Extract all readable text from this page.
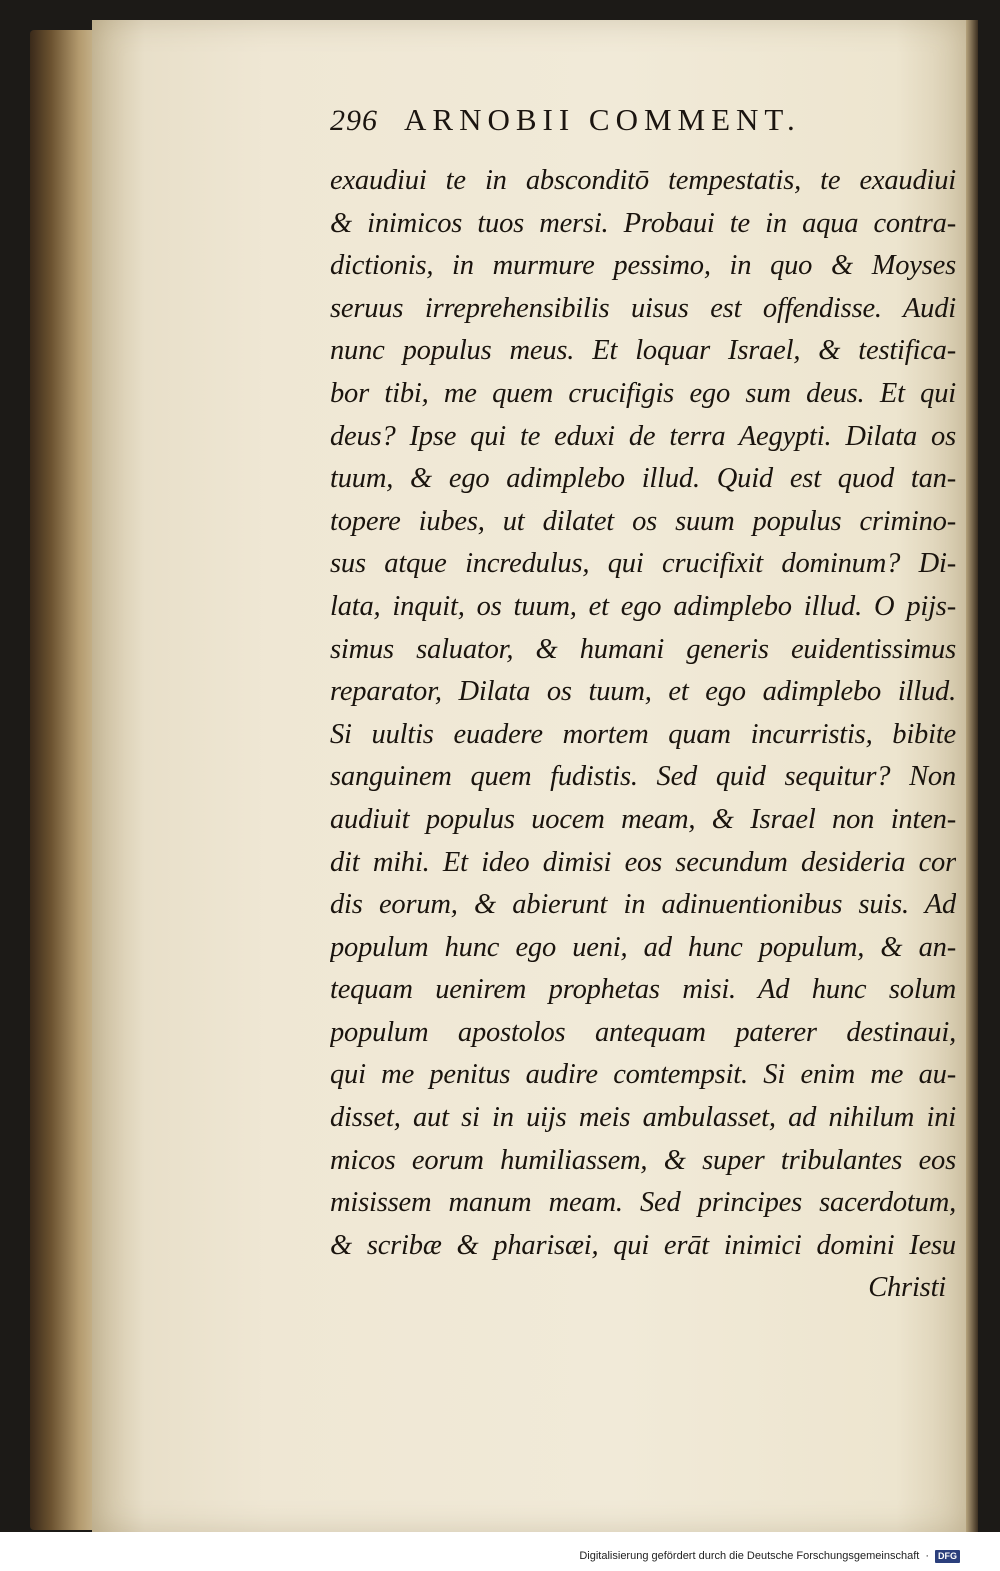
296 ARNOBII COMMENT.
exaudiui te in absconditō tempestatis, te exaudiui
& inimicos tuos mersi. Probaui te in aqua contra-
dictionis, in murmure pessimo, in quo & Moyses
seruus irreprehensibilis uisus est offendisse. Audi
nunc populus meus. Et loquar Israel, & testifica-
bor tibi, me quem crucifigis ego sum deus. Et qui
deus? Ipse qui te eduxi de terra Aegypti. Dilata os
tuum, & ego adimplebo illud. Quid est quod tan-
topere iubes, ut dilatet os suum populus crimino-
sus atque incredulus, qui crucifixit dominum? Di-
lata, inquit, os tuum, et ego adimplebo illud. O pijs-
simus saluator, & humani generis euidentissimus
reparator, Dilata os tuum, et ego adimplebo illud.
Si uultis euadere mortem quam incurristis, bibite
sanguinem quem fudistis. Sed quid sequitur? Non
audiuit populus uocem meam, & Israel non inten-
dit mihi. Et ideo dimisi eos secundum desideria cor
dis eorum, & abierunt in adinuentionibus suis. Ad
populum hunc ego ueni, ad hunc populum, & an-
tequam uenirem prophetas misi. Ad hunc solum
populum apostolos antequam paterer destinaui,
qui me penitus audire comtempsit. Si enim me au-
disset, aut si in uijs meis ambulasset, ad nihilum ini
micos eorum humiliassem, & super tribulantes eos
misissem manum meam. Sed principes sacerdotum,
& scribæ & pharisæi, qui erāt inimici domini Iesu
Christi
Digitalisierung gefördert durch die Deutsche Forschungsgemeinschaft ·	DFG
